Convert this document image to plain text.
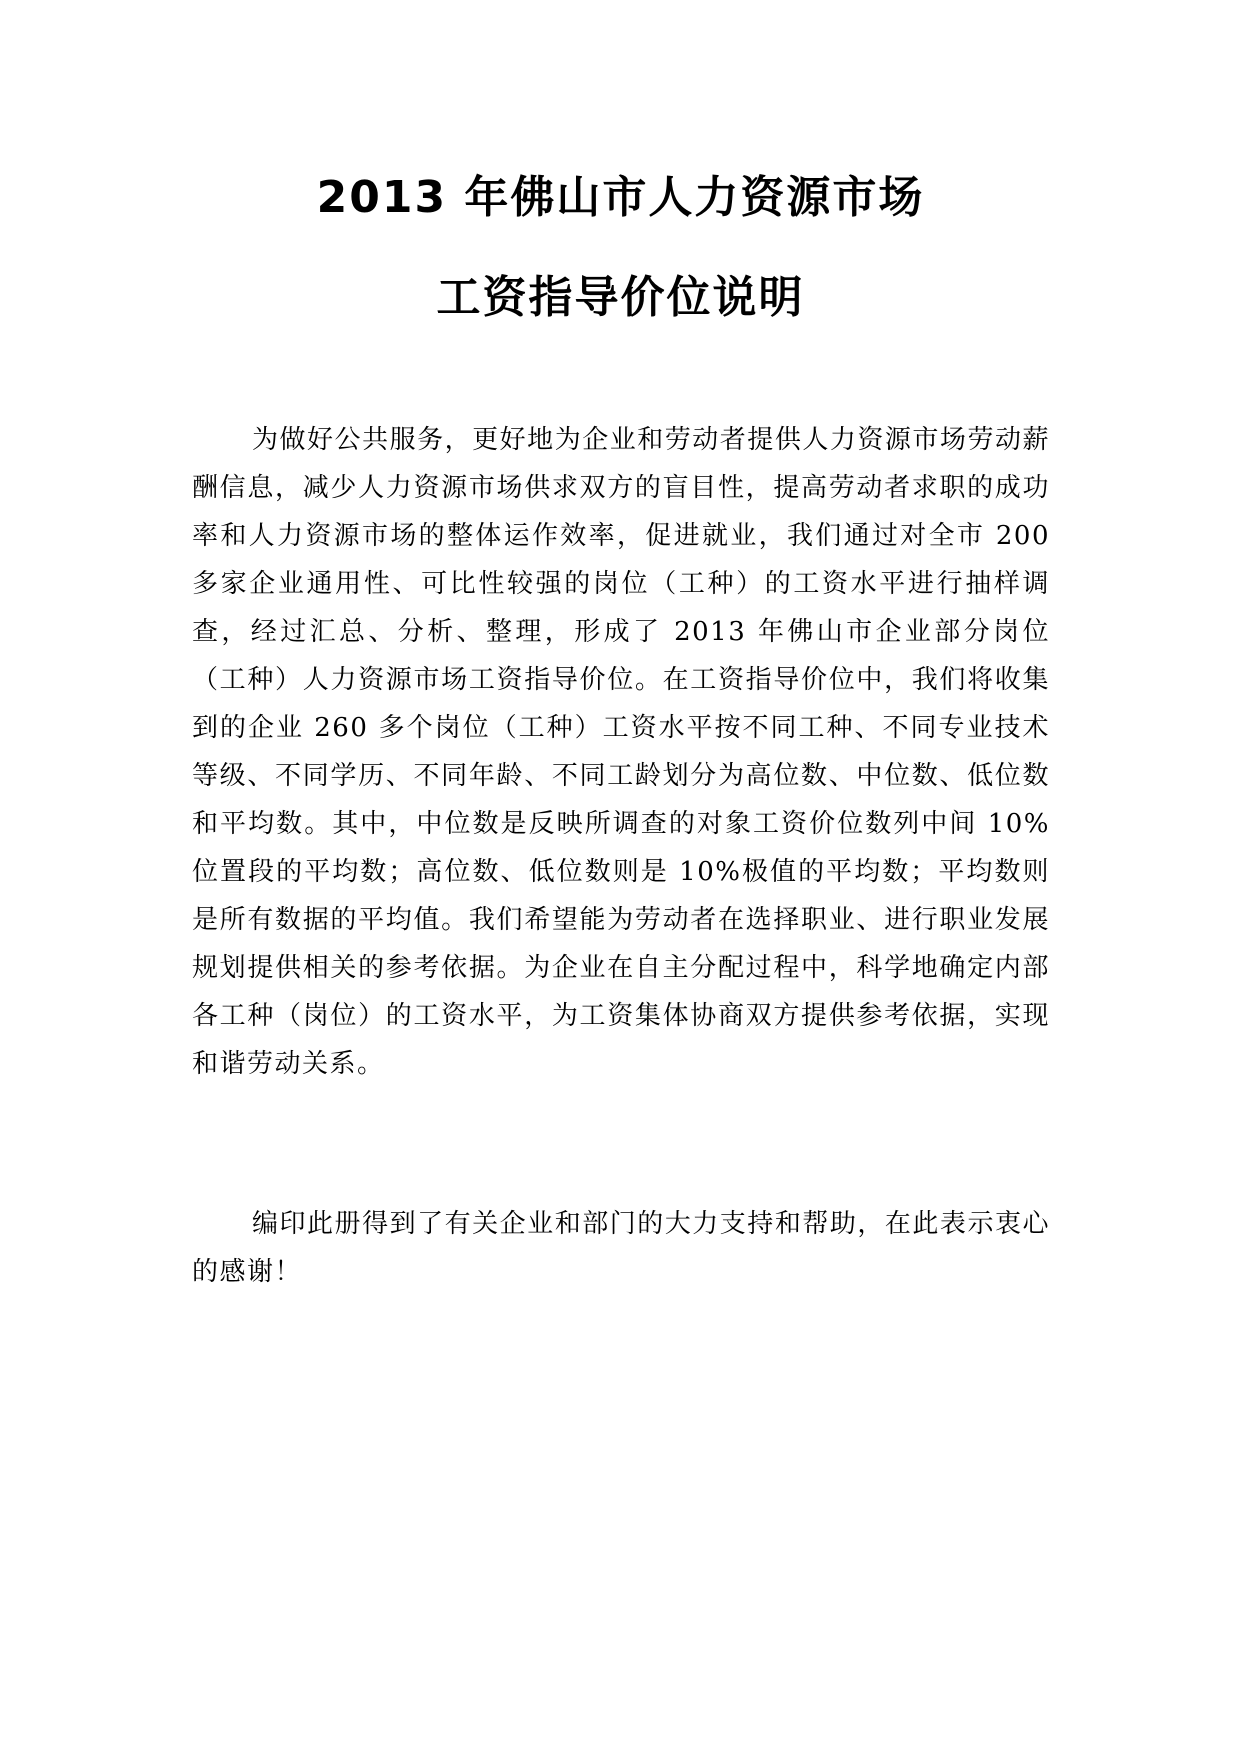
2013 年佛山市人力资源市场
工资指导价位说明

为做好公共服务，更好地为企业和劳动者提供人力资源市场劳动薪酬信息，减少人力资源市场供求双方的盲目性，提高劳动者求职的成功率和人力资源市场的整体运作效率，促进就业，我们通过对全市 200 多家企业通用性、可比性较强的岗位（工种）的工资水平进行抽样调查，经过汇总、分析、整理，形成了 2013 年佛山市企业部分岗位（工种）人力资源市场工资指导价位。在工资指导价位中，我们将收集到的企业 260 多个岗位（工种）工资水平按不同工种、不同专业技术等级、不同学历、不同年龄、不同工龄划分为高位数、中位数、低位数和平均数。其中，中位数是反映所调查的对象工资价位数列中间 10%位置段的平均数；高位数、低位数则是 10%极值的平均数；平均数则是所有数据的平均值。我们希望能为劳动者在选择职业、进行职业发展规划提供相关的参考依据。为企业在自主分配过程中，科学地确定内部各工种（岗位）的工资水平，为工资集体协商双方提供参考依据，实现和谐劳动关系。

编印此册得到了有关企业和部门的大力支持和帮助，在此表示衷心的感谢！
